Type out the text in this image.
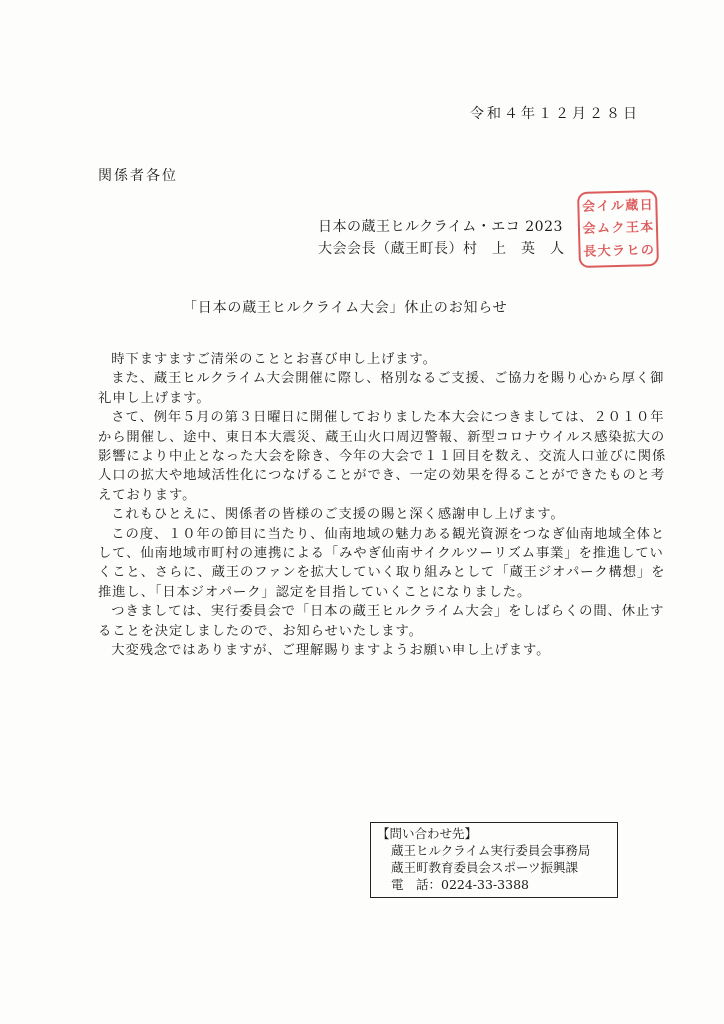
令和４年１２月２８日
関係者各位
日本の蔵王ヒルクライム・エコ 2023
大会会長（蔵王町長）村　上　英　人
日
本
の
蔵
王
ヒ
ル
ク
ラ
イ
ム
大
会
会
長
「日本の蔵王ヒルクライム大会」休止のお知らせ

時下ますますご清栄のこととお喜び申し上げます。

また、蔵王ヒルクライム大会開催に際し、格別なるご支援、ご協力を賜り心から厚く御礼申し上げます。

さて、例年５月の第３日曜日に開催しておりました本大会につきましては、２０１０年から開催し、途中、東日本大震災、蔵王山火口周辺警報、新型コロナウイルス感染拡大の影響により中止となった大会を除き、今年の大会で１１回目を数え、交流人口並びに関係人口の拡大や地域活性化につなげることができ、一定の効果を得ることができたものと考えております。

これもひとえに、関係者の皆様のご支援の賜と深く感謝申し上げます。

この度、１０年の節目に当たり、仙南地域の魅力ある観光資源をつなぎ仙南地域全体として、仙南地域市町村の連携による「みやぎ仙南サイクルツーリズム事業」を推進していくこと、さらに、蔵王のファンを拡大していく取り組みとして「蔵王ジオパーク構想」を推進し、「日本ジオパーク」認定を目指していくことになりました。

つきましては、実行委員会で「日本の蔵王ヒルクライム大会」をしばらくの間、休止することを決定しましたので、お知らせいたします。

大変残念ではありますが、ご理解賜りますようお願い申し上げます。

【問い合わせ先】
蔵王ヒルクライム実行委員会事務局
蔵王町教育委員会スポーツ振興課
電　話：0224-33-3388
